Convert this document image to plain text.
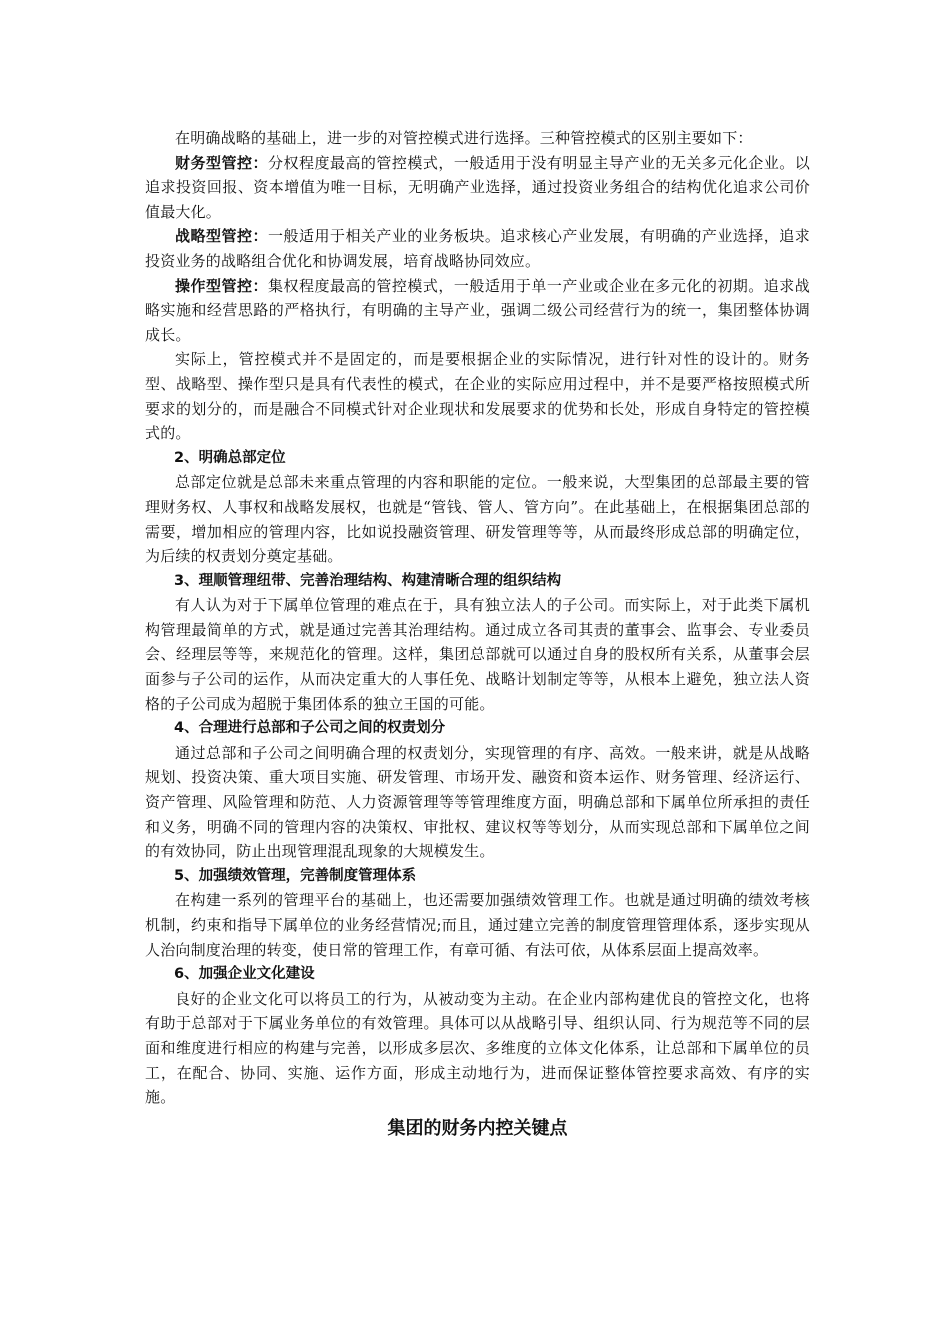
在明确战略的基础上，进一步的对管控模式进行选择。三种管控模式的区别主要如下：

财务型管控：分权程度最高的管控模式，一般适用于没有明显主导产业的无关多元化企业。以追求投资回报、资本增值为唯一目标，无明确产业选择，通过投资业务组合的结构优化追求公司价值最大化。

战略型管控：一般适用于相关产业的业务板块。追求核心产业发展，有明确的产业选择，追求投资业务的战略组合优化和协调发展，培育战略协同效应。

操作型管控：集权程度最高的管控模式，一般适用于单一产业或企业在多元化的初期。追求战略实施和经营思路的严格执行，有明确的主导产业，强调二级公司经营行为的统一，集团整体协调成长。

实际上，管控模式并不是固定的，而是要根据企业的实际情况，进行针对性的设计的。财务型、战略型、操作型只是具有代表性的模式，在企业的实际应用过程中，并不是要严格按照模式所要求的划分的，而是融合不同模式针对企业现状和发展要求的优势和长处，形成自身特定的管控模式的。

2、明确总部定位

总部定位就是总部未来重点管理的内容和职能的定位。一般来说，大型集团的总部最主要的管理财务权、人事权和战略发展权，也就是“管钱、管人、管方向”。在此基础上，在根据集团总部的需要，增加相应的管理内容，比如说投融资管理、研发管理等等，从而最终形成总部的明确定位，为后续的权责划分奠定基础。

3、理顺管理纽带、完善治理结构、构建清晰合理的组织结构

有人认为对于下属单位管理的难点在于，具有独立法人的子公司。而实际上，对于此类下属机构管理最简单的方式，就是通过完善其治理结构。通过成立各司其责的董事会、监事会、专业委员会、经理层等等，来规范化的管理。这样，集团总部就可以通过自身的股权所有关系，从董事会层面参与子公司的运作，从而决定重大的人事任免、战略计划制定等等，从根本上避免，独立法人资格的子公司成为超脱于集团体系的独立王国的可能。

4、合理进行总部和子公司之间的权责划分

通过总部和子公司之间明确合理的权责划分，实现管理的有序、高效。一般来讲，就是从战略规划、投资决策、重大项目实施、研发管理、市场开发、融资和资本运作、财务管理、经济运行、资产管理、风险管理和防范、人力资源管理等等管理维度方面，明确总部和下属单位所承担的责任和义务，明确不同的管理内容的决策权、审批权、建议权等等划分，从而实现总部和下属单位之间的有效协同，防止出现管理混乱现象的大规模发生。

5、加强绩效管理，完善制度管理体系

在构建一系列的管理平台的基础上，也还需要加强绩效管理工作。也就是通过明确的绩效考核机制，约束和指导下属单位的业务经营情况;而且，通过建立完善的制度管理管理体系，逐步实现从人治向制度治理的转变，使日常的管理工作，有章可循、有法可依，从体系层面上提高效率。

6、加强企业文化建设

良好的企业文化可以将员工的行为，从被动变为主动。在企业内部构建优良的管控文化，也将有助于总部对于下属业务单位的有效管理。具体可以从战略引导、组织认同、行为规范等不同的层面和维度进行相应的构建与完善，以形成多层次、多维度的立体文化体系，让总部和下属单位的员工，在配合、协同、实施、运作方面，形成主动地行为，进而保证整体管控要求高效、有序的实施。

集团的财务内控关键点
